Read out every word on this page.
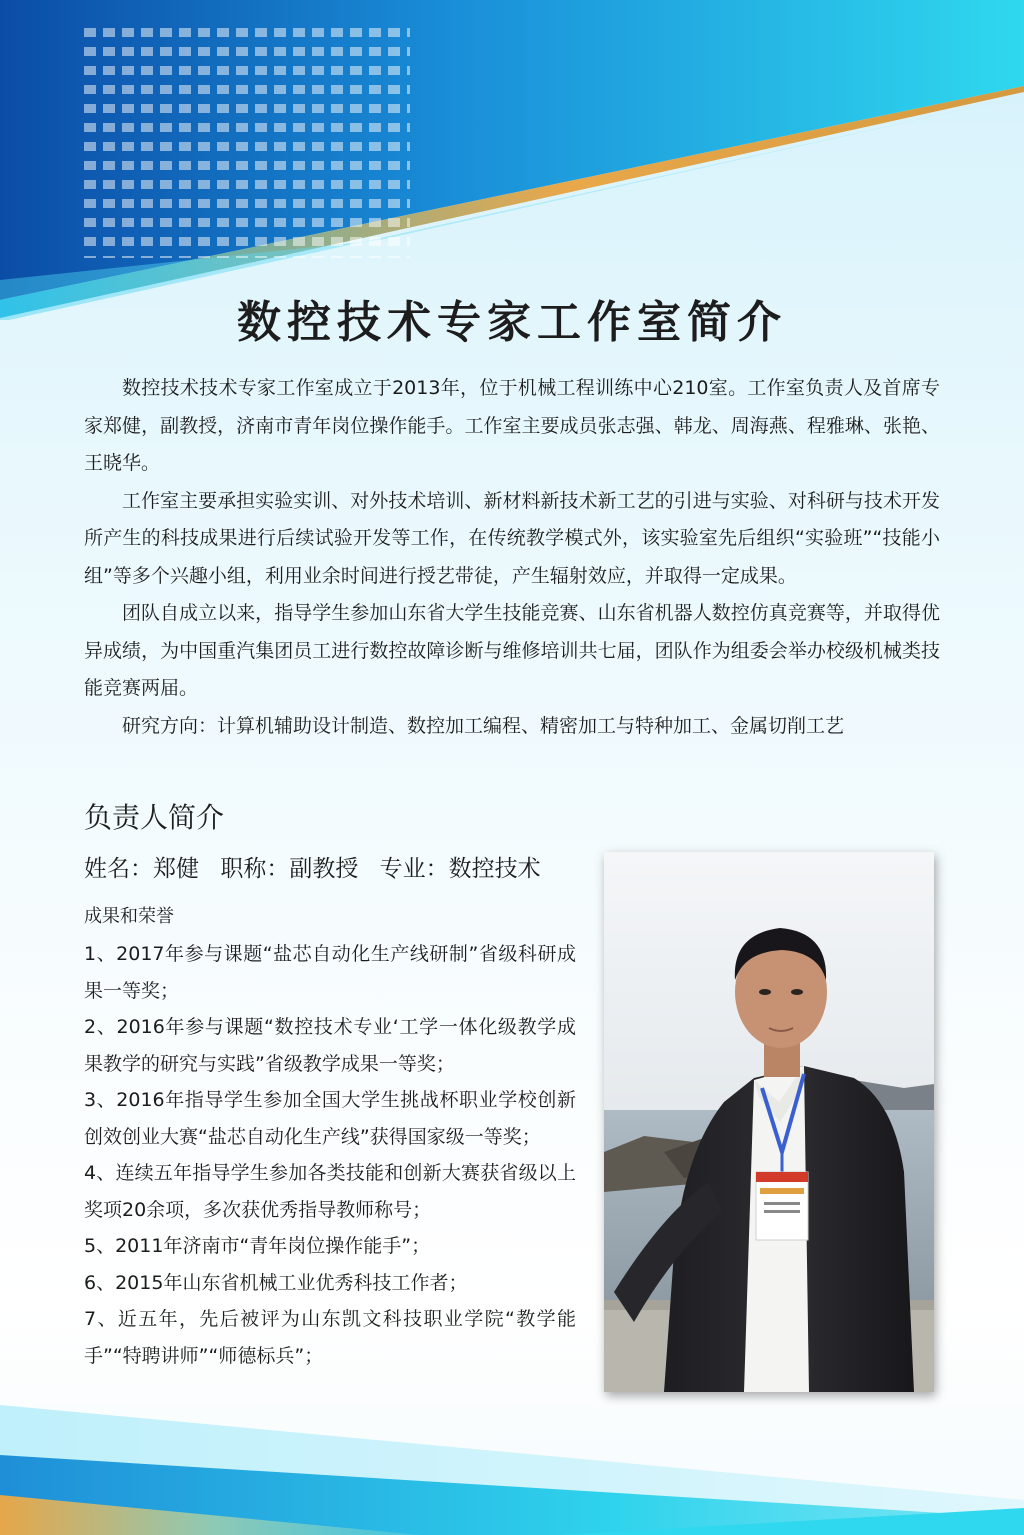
数控技术专家工作室简介

数控技术技术专家工作室成立于2013年，位于机械工程训练中心210室。工作室负责人及首席专家郑健，副教授，济南市青年岗位操作能手。工作室主要成员张志强、韩龙、周海燕、程雅琳、张艳、王晓华。

工作室主要承担实验实训、对外技术培训、新材料新技术新工艺的引进与实验、对科研与技术开发所产生的科技成果进行后续试验开发等工作，在传统教学模式外，该实验室先后组织“实验班”“技能小组”等多个兴趣小组，利用业余时间进行授艺带徒，产生辐射效应，并取得一定成果。

团队自成立以来，指导学生参加山东省大学生技能竞赛、山东省机器人数控仿真竞赛等，并取得优异成绩，为中国重汽集团员工进行数控故障诊断与维修培训共七届，团队作为组委会举办校级机械类技能竞赛两届。

研究方向：计算机辅助设计制造、数控加工编程、精密加工与特种加工、金属切削工艺

负责人简介
姓名：郑健 职称：副教授 专业：数控技术
成果和荣誉
1、2017年参与课题“盐芯自动化生产线研制”省级科研成果一等奖；
2、2016年参与课题“数控技术专业‘工学一体化级教学成果教学的研究与实践”省级教学成果一等奖；
3、2016年指导学生参加全国大学生挑战杯职业学校创新创效创业大赛“盐芯自动化生产线”获得国家级一等奖；
4、连续五年指导学生参加各类技能和创新大赛获省级以上奖项20余项，多次获优秀指导教师称号；
5、2011年济南市“青年岗位操作能手”；
6、2015年山东省机械工业优秀科技工作者；
7、近五年，先后被评为山东凯文科技职业学院“教学能手”“特聘讲师”“师德标兵”；
